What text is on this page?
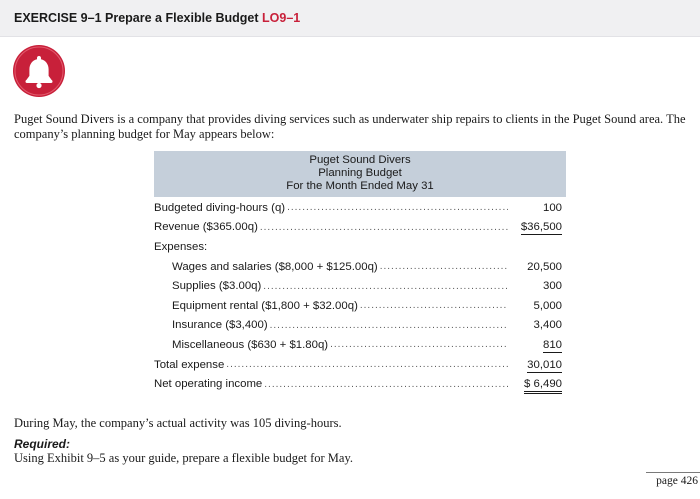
EXERCISE 9–1 Prepare a Flexible Budget LO9–1
Puget Sound Divers is a company that provides diving services such as underwater ship repairs to clients in the Puget Sound area. The company’s planning budget for May appears below:
Puget Sound Divers
Planning Budget
For the Month Ended May 31
Budgeted diving-hours (q) .....	100
Revenue ($365.00q) .....	$36,500
Expenses:
Wages and salaries ($8,000 + $125.00q) .....	20,500
Supplies ($3.00q) .....	300
Equipment rental ($1,800 + $32.00q) .....	5,000
Insurance ($3,400) .....	3,400
Miscellaneous ($630 + $1.80q) .....	810
Total expense .....	30,010
Net operating income .....	$ 6,490
During May, the company’s actual activity was 105 diving-hours.
Required:
Using Exhibit 9–5 as your guide, prepare a flexible budget for May.
page 426
